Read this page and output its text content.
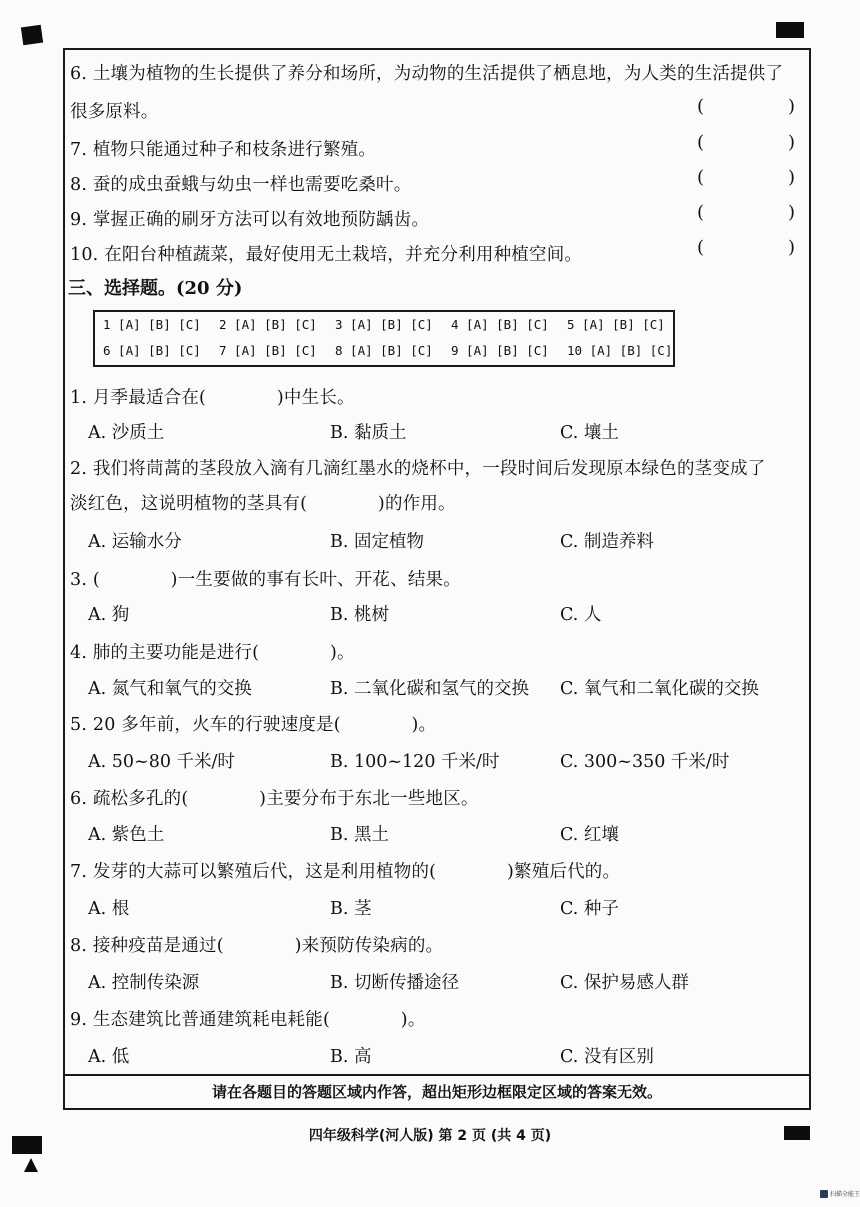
6. 土壤为植物的生长提供了养分和场所，为动物的生活提供了栖息地，为人类的生活提供了
很多原料。	(	)
7. 植物只能通过种子和枝条进行繁殖。	(	)
8. 蚕的成虫蚕蛾与幼虫一样也需要吃桑叶。	(	)
9. 掌握正确的刷牙方法可以有效地预防龋齿。	(	)
10. 在阳台种植蔬菜，最好使用无土栽培，并充分利用种植空间。	(	)
三、选择题。(20 分)
1 [A] [B] [C] 2 [A] [B] [C] 3 [A] [B] [C] 4 [A] [B] [C] 5 [A] [B] [C]
6 [A] [B] [C] 7 [A] [B] [C] 8 [A] [B] [C] 9 [A] [B] [C] 10 [A] [B] [C]
1. 月季最适合在(　　　　)中生长。
A. 沙质土	B. 黏质土	C. 壤土
2. 我们将茼蒿的茎段放入滴有几滴红墨水的烧杯中，一段时间后发现原本绿色的茎变成了
淡红色，这说明植物的茎具有(　　　　)的作用。
A. 运输水分	B. 固定植物	C. 制造养料
3. (　　　　)一生要做的事有长叶、开花、结果。
A. 狗	B. 桃树	C. 人
4. 肺的主要功能是进行(　　　　)。
A. 氮气和氧气的交换	B. 二氧化碳和氢气的交换 C. 氧气和二氧化碳的交换
5. 20 多年前，火车的行驶速度是(　　　　)。
A. 50~80 千米/时	B. 100~120 千米/时	C. 300~350 千米/时
6. 疏松多孔的(　　　　)主要分布于东北一些地区。
A. 紫色土	B. 黑土	C. 红壤
7. 发芽的大蒜可以繁殖后代，这是利用植物的(　　　　)繁殖后代的。
A. 根	B. 茎	C. 种子
8. 接种疫苗是通过(　　　　)来预防传染病的。
A. 控制传染源	B. 切断传播途径	C. 保护易感人群
9. 生态建筑比普通建筑耗电耗能(　　　　)。
A. 低	B. 高	C. 没有区别
请在各题目的答题区域内作答，超出矩形边框限定区域的答案无效。
四年级科学(河人版) 第 2 页 (共 4 页)
扫描全能王
